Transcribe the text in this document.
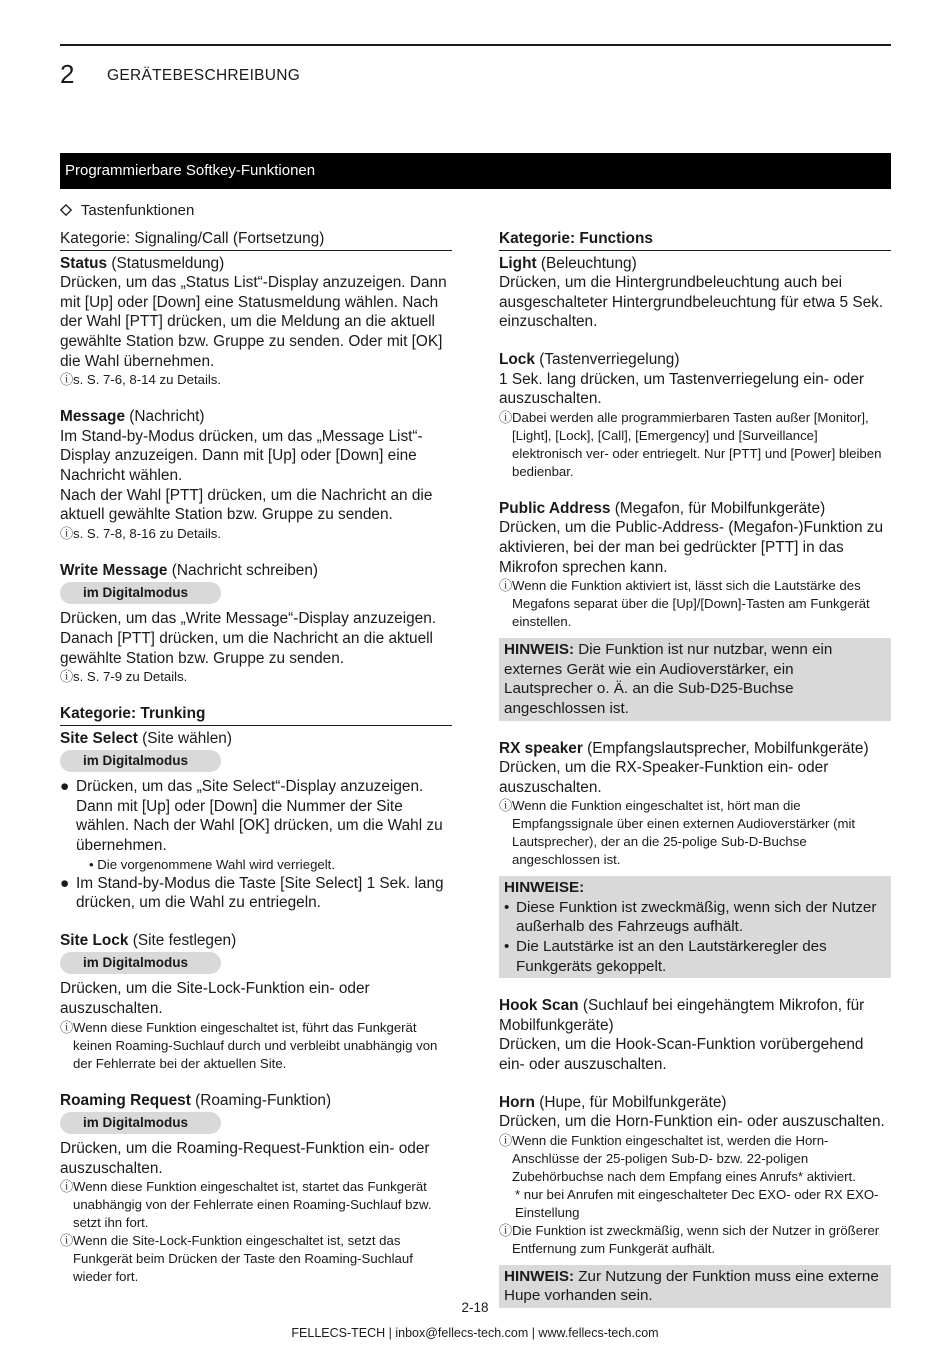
2 GERÄTEBESCHREIBUNG
Programmierbare Softkey-Funktionen
Tastenfunktionen
Kategorie: Signaling/Call (Fortsetzung)
Status (Statusmeldung)

Drücken, um das „Status List“-Display anzuzeigen. Dann mit [Up] oder [Down] eine Statusmeldung wählen. Nach der Wahl [PTT] drücken, um die Meldung an die aktuell gewählte Station bzw. Gruppe zu senden. Oder mit [OK] die Wahl übernehmen.

ⓘs. S. 7-6, 8-14 zu Details.
Message (Nachricht)

Im Stand-by-Modus drücken, um das „Message List“-Display anzuzeigen. Dann mit [Up] oder [Down] eine Nachricht wählen.

Nach der Wahl [PTT] drücken, um die Nachricht an die aktuell gewählte Station bzw. Gruppe zu senden.

ⓘs. S. 7-8, 8-16 zu Details.
Write Message (Nachricht schreiben)
im Digitalmodus

Drücken, um das „Write Message“-Display anzuzeigen. Danach [PTT] drücken, um die Nachricht an die aktuell gewählte Station bzw. Gruppe zu senden.

ⓘs. S. 7-9 zu Details.
Kategorie: Trunking
Site Select (Site wählen)
im Digitalmodus
● Drücken, um das „Site Select“-Display anzuzeigen. Dann mit [Up] oder [Down] die Nummer der Site wählen. Nach der Wahl [OK] drücken, um die Wahl zu übernehmen.
• Die vorgenommene Wahl wird verriegelt.
● Im Stand-by-Modus die Taste [Site Select] 1 Sek. lang drücken, um die Wahl zu entriegeln.
Site Lock (Site festlegen)
im Digitalmodus

Drücken, um die Site-Lock-Funktion ein- oder auszuschalten.

ⓘWenn diese Funktion eingeschaltet ist, führt das Funkgerät keinen Roaming-Suchlauf durch und verbleibt unabhängig von der Fehlerrate bei der aktuellen Site.
Roaming Request (Roaming-Funktion)
im Digitalmodus

Drücken, um die Roaming-Request-Funktion ein- oder auszuschalten.

ⓘWenn diese Funktion eingeschaltet ist, startet das Funkgerät unabhängig von der Fehlerrate einen Roaming-Suchlauf bzw. setzt ihn fort.
ⓘWenn die Site-Lock-Funktion eingeschaltet ist, setzt das Funkgerät beim Drücken der Taste den Roaming-Suchlauf wieder fort.
Kategorie: Functions
Light (Beleuchtung)

Drücken, um die Hintergrundbeleuchtung auch bei ausgeschalteter Hintergrundbeleuchtung für etwa 5 Sek. einzuschalten.

Lock (Tastenverriegelung)

1 Sek. lang drücken, um Tastenverriegelung ein- oder auszuschalten.

ⓘDabei werden alle programmierbaren Tasten außer [Monitor], [Light], [Lock], [Call], [Emergency] und [Surveillance] elektronisch ver- oder entriegelt. Nur [PTT] und [Power] bleiben bedienbar.
Public Address (Megafon, für Mobilfunkgeräte)

Drücken, um die Public-Address- (Megafon-)Funktion zu aktivieren, bei der man bei gedrückter [PTT] in das Mikrofon sprechen kann.

ⓘWenn die Funktion aktiviert ist, lässt sich die Lautstärke des Megafons separat über die [Up]/[Down]-Tasten am Funkgerät einstellen.
HINWEIS: Die Funktion ist nur nutzbar, wenn ein externes Gerät wie ein Audioverstärker, ein Lautsprecher o. Ä. an die Sub-D25-Buchse angeschlossen ist.
RX speaker (Empfangslautsprecher, Mobilfunkgeräte)

Drücken, um die RX-Speaker-Funktion ein- oder auszuschalten.

ⓘWenn die Funktion eingeschaltet ist, hört man die Empfangssignale über einen externen Audioverstärker (mit Lautsprecher), der an die 25-polige Sub-D-Buchse angeschlossen ist.
HINWEISE:
• Diese Funktion ist zweckmäßig, wenn sich der Nutzer außerhalb des Fahrzeugs aufhält.
• Die Lautstärke ist an den Lautstärkeregler des Funkgeräts gekoppelt.
Hook Scan (Suchlauf bei eingehängtem Mikrofon, für Mobilfunkgeräte)

Drücken, um die Hook-Scan-Funktion vorübergehend ein- oder auszuschalten.

Horn (Hupe, für Mobilfunkgeräte)

Drücken, um die Horn-Funktion ein- oder auszuschalten.

ⓘWenn die Funktion eingeschaltet ist, werden die Horn-Anschlüsse der 25-poligen Sub-D- bzw. 22-poligen Zubehörbuchse nach dem Empfang eines Anrufs* aktiviert.
* nur bei Anrufen mit eingeschalteter Dec EXO- oder RX EXO-Einstellung
ⓘDie Funktion ist zweckmäßig, wenn sich der Nutzer in größerer Entfernung zum Funkgerät aufhält.
HINWEIS: Zur Nutzung der Funktion muss eine externe Hupe vorhanden sein.
2-18
FELLECS-TECH | inbox@fellecs-tech.com | www.fellecs-tech.com
